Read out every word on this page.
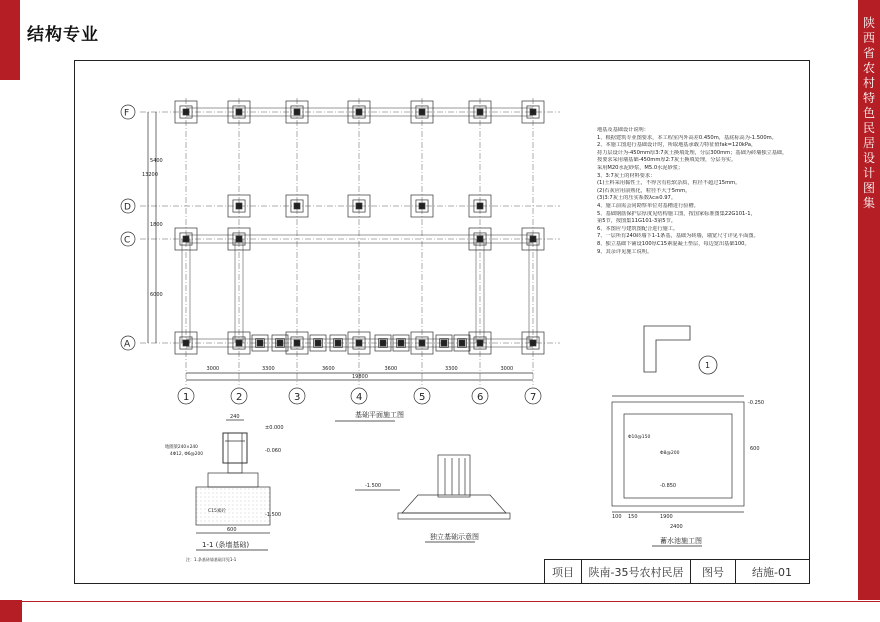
结构专业
陕西省农村特色民居设计图集
F
D
C
A
1	2	3	4	5	6	7
3000	3300	3600	3600	3300	3000
19800
13200
5400
1800
6000
基础平面施工图
240
±0.000
-0.060
-1.500
地圈梁240×240
4Φ12, Φ6@200
C15素砼
600
1-1 (条墙基础)
注：1.条基砖墙基础详见1-1
-1.500
独立基础示意图
1
-0.250
-0.850
Φ10@150
Φ8@200
600
1900
150
100
2400
蓄水池施工图
地基及基础设计说明：
1、根据建筑专业图要求，本工程室内外高差0.450m，基底标高为-1.500m。
2、本施工图进行基础设计时，所取地基承载力特征值fak=120kPa，
持力层设计为-450mm厚3:7灰土换填处理，分层300mm；基础为砖墙独立基础，
按要求采用墙基础-450mm厚2:7灰土换填处理，分层夯实。
采用M20水泥砂浆，M5.0水泥砂浆；
3、3:7灰土的材料要求：
(1)土料采用黏性土，不得含有松软杂质，粒径不超过15mm。
(2)石灰应用前熟化，粒径不大于5mm。
(3)3:7灰土的压实系数λc≥0.97。
4、施工前需会同勘察单位对基槽进行验槽。
5、基础钢筋保护层厚度见结构施工图，按国家标准图集22G101-1，
第5节，按图集11G101-3第5节。
6、本图应与建筑图配合进行施工。
7、一层所有240砖墙下1-1条基，基础为砖墙，墙宽尺寸详见平面图。
8、独立基础下铺设100厚C15素混凝土垫层，每边宽出基础100。
9、其余详见施工说明。
项目	陕南-35号农村民居	图号	结施-01
